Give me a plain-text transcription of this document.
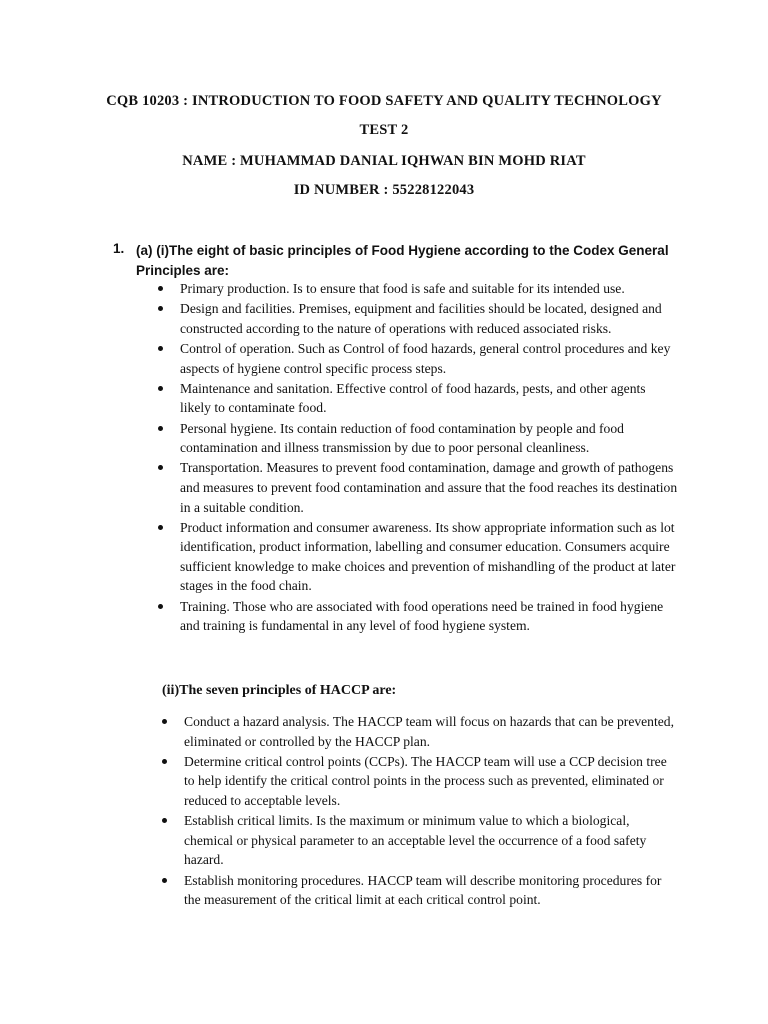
CQB 10203 : INTRODUCTION TO FOOD SAFETY AND QUALITY TECHNOLOGY

TEST 2

NAME : MUHAMMAD DANIAL IQHWAN BIN MOHD RIAT

ID NUMBER : 55228122043

1. (a) (i)The eight of basic principles of Food Hygiene according to the Codex General Principles are:

Primary production. Is to ensure that food is safe and suitable for its intended use.
Design and facilities. Premises, equipment and facilities should be located, designed and constructed according to the nature of operations with reduced associated risks.
Control of operation. Such as Control of food hazards, general control procedures and key aspects of hygiene control specific process steps.
Maintenance and sanitation. Effective control of food hazards, pests, and other agents likely to contaminate food.
Personal hygiene. Its contain reduction of food contamination by people and food contamination and illness transmission by due to poor personal cleanliness.
Transportation. Measures to prevent food contamination, damage and growth of pathogens and measures to prevent food contamination and assure that the food reaches its destination in a suitable condition.
Product information and consumer awareness. Its show appropriate information such as lot identification, product information, labelling and consumer education. Consumers acquire sufficient knowledge to make choices and prevention of mishandling of the product at later stages in the food chain.
Training. Those who are associated with food operations need be trained in food hygiene and training is fundamental in any level of food hygiene system.

(ii)The seven principles of HACCP are:

Conduct a hazard analysis. The HACCP team will focus on hazards that can be prevented, eliminated or controlled by the HACCP plan.
Determine critical control points (CCPs). The HACCP team will use a CCP decision tree to help identify the critical control points in the process such as prevented, eliminated or reduced to acceptable levels.
Establish critical limits. Is the maximum or minimum value to which a biological, chemical or physical parameter to an acceptable level the occurrence of a food safety hazard.
Establish monitoring procedures. HACCP team will describe monitoring procedures for the measurement of the critical limit at each critical control point.
